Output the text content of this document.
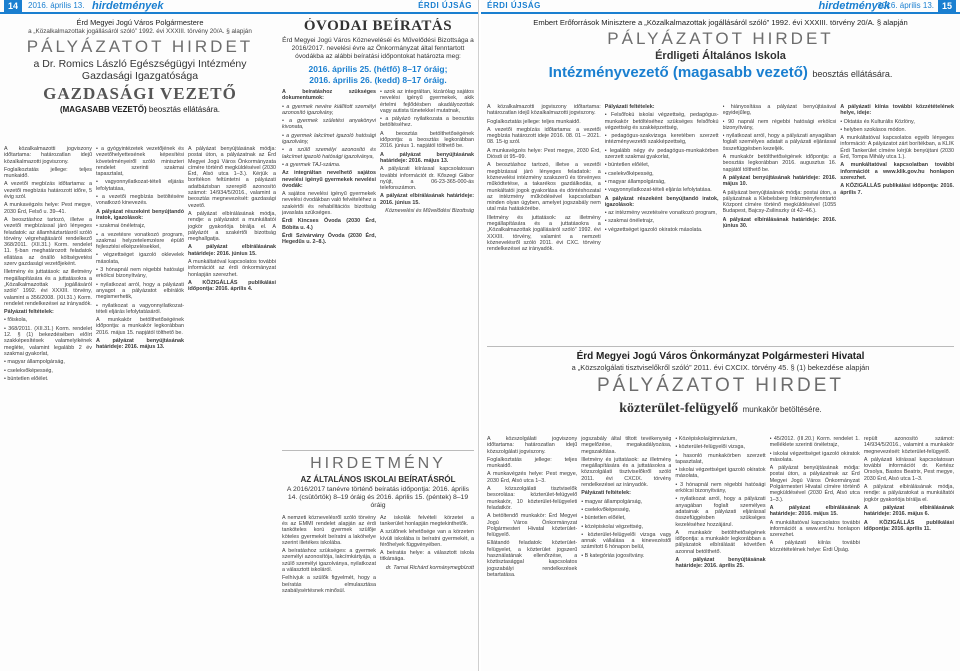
14	2016. április 13. hirdetmények	ÉRDI ÚJSÁG
Érd Megyei Jogú Város Polgármestere
a „Közalkalmazottak jogállásáról szóló” 1992. évi XXXIII. törvény 20/A. § alapján
PÁLYÁZATOT HIRDET
a Dr. Romics László Egészségügyi Intézmény
Gazdasági Igazgatósága
GAZDASÁGI VEZETŐ
(MAGASABB VEZETŐ) beosztás ellátására.

A közalkalmazotti jogviszony időtartama: határozatlan idejű közalkalmazotti jogviszony.

Foglalkoztatás jellege: teljes munkaidő.

A vezetői megbízás időtartama: a vezetői megbízás határozott időre, 5 évig szól.

A munkavégzés helye: Pest megye, 2030 Érd, Felső u. 39–41.

A beosztáshoz tartozó, illetve a vezetői megbízással járó lényeges feladatok: az államháztartásról szóló törvény végrehajtásáról rendelkező 368/2011. (XII.31.) Korm. rendelet 11. §-ban meghatározott feladatok ellátása az önálló költségvetési szerv gazdasági vezetőjeként.

Illetmény és juttatások: az illetmény megállapítására és a juttatásokra a „Közalkalmazottak jogállásáról szóló” 1992. évi XXXIII. törvény, valamint a 356/2008. (XII.31.) Korm. rendelet rendelkezései az irányadók.

Pályázati feltételek:

• főiskola,

• 368/2011. (XII.31.) Korm. rendelet 12. § (1) bekezdésében előírt szakképesítések valamelyikének megléte, valamint legalább 2 év szakmai gyakorlat,

• magyar állampolgárság,

• cselekvőképesség,

• büntetlen előélet.

• a gyógyintézetek vezetőjének és vezetőhelyettesének képesítési követelményeiről szóló miniszteri rendelet szerinti szakmai tapasztalat,

• vagyonnyilatkozat-tételi eljárás lefolytatása,

• a vezetői megbízás betöltésére vonatkozó kinevezés.

A pályázat részeként benyújtandó iratok, igazolások:

• szakmai önéletrajz,

• a vezetésre vonatkozó program, szakmai helyzetelemzésre épülő fejlesztési elképzelésekkel,

• végzettséget igazoló oklevelek másolata,

• 3 hónapnál nem régebbi hatósági erkölcsi bizonyítvány,

• nyilatkozat arról, hogy a pályázati anyagot a pályázatot elbírálók megismerhetik,

• nyilatkozat a vagyonnyilatkozat-tételi eljárás lefolytatásáról.

A munkakör betölthetőségének időpontja: a munkakör legkorábban 2016. május 15. napjától tölthető be.

A pályázat benyújtásának határideje: 2016. május 13.

A pályázat benyújtásának módja: postai úton, a pályázatnak az Érd Megyei Jogú Város Önkormányzata címére történő megküldésével (2030 Érd, Alsó utca 1–3.). Kérjük a borítékon feltüntetni a pályázati adatbázisban szereplő azonosító számot: 14/934/5/2016., valamint a beosztás megnevezését: gazdasági vezető.

A pályázat elbírálásának módja, rendje: a pályázatot a munkáltatói jogkör gyakorlója bírálja el. A pályázót a szakértői bizottság meghallgatja.

A pályázat elbírálásának határideje: 2016. június 15.

A munkáltatóval kapcsolatos további információt az érdi önkormányzat honlapján szerezhet.

A KÖZIGÁLLÁS publikálási időpontja: 2016. április 4.

ÓVODAI BEÍRATÁS
Érd Megyei Jogú Város Közneveléséi és Művelődési Bizottsága a 2016/2017. nevelési évre az Önkormányzat által fenntartott óvodákba az alábbi beíratási időpontokat határozta meg:
2016. április 25. (hétfő) 8–17 óráig;
2016. április 26. (kedd) 8–17 óráig.

A beíratáshoz szükséges dokumentumok:

• a gyermek nevére kiállított személyi azonosító igazolvány,

• a gyermek születési anyakönyvi kivonata,

• a gyermek lakcímet igazoló hatósági igazolvány,

• a szülő személyi azonosító és lakcímet igazoló hatósági igazolványa,

• a gyermek TAJ-száma.

Az integráltan nevelhető sajátos nevelési igényű gyermekek nevelési óvodák:

A sajátos nevelési igényű gyermekek nevelési óvodákban való felvételéhez a szakértői és rehabilitációs bizottság javaslata szükséges.

Érdi Kincses Óvoda (2030 Érd, Bóbita u. 4.)

Érdi Szivárvány Óvoda (2030 Érd, Hegedűs u. 2–8.).

• azok az integráltan, kizárólag sajátos nevelési igényű gyermekek, akik értelmi fejlődésben akadályozottak vagy autista tünetekkel mutatnak,

• a pályázó nyilatkozata a beosztás betöltéséhez.

A beosztás betölthetőségének időpontja: a beosztás legkorábban 2016. június 1. napjától tölthető be.

A pályázat benyújtásának határideje: 2016. május 13.

A pályázati kiírással kapcsolatosan további információt dr. Kőszegi Gábor nyújt, a 06-23-365-000-ás telefonszámon.

A pályázat elbírálásának határideje: 2016. június 15.

Köznevelési és Művelődési Bizottság

HIRDETMÉNY
AZ ÁLTALÁNOS ISKOLAI BEÍRATÁSRÓL
A 2016/2017 tanévre történő beíratás időpontja: 2016. április 14. (csütörtök) 8–19 óráig és 2016. április 15. (péntek) 8–19 óráig

A nemzeti köznevelésről szóló törvény és az EMMI rendelet alapján az érdi tanköteles korú gyermek szülője köteles gyermekét beíratni a lakóhelye szerint illetékes iskolába.

A beíratáshoz szükséges: a gyermek személyi azonosítója, lakcímkártyája, a szülő személyi igazolványa, nyilatkozat a választott iskoláról.

Felhívjuk a szülők figyelmét, hogy a beíratás elmulasztása szabálysértésnek minősül.

Az iskolák felvételi körzetei a tankerület honlapján megtekinthetők.

A szülőnek lehetősége van a körzeten kívüli iskolába is beíratni gyermekét, a férőhelyek függvényében.

A beíratás helye: a választott iskola titkársága.

dr. Tarnai Richárd kormánymegbízott

ÉRDI ÚJSÁG	hirdetmények
2016. április 13. 15
Embert Erőforrások Minisztere a „Közalkalmazottak jogállásáról szóló” 1992. évi XXXIII. törvény 20/A. § alapján
PÁLYÁZATOT HIRDET
Érdligeti Általános Iskola
Intézményvezető (magasabb vezető) beosztás ellátására.

A közalkalmazotti jogviszony időtartama: határozatlan idejű közalkalmazotti jogviszony.

Foglalkoztatás jellege: teljes munkaidő.

A vezetői megbízás időtartama: a vezetői megbízás határozott ideje 2016. 08. 01 – 2021. 08. 15-ig szól.

A munkavégzés helye: Pest megye, 2030 Érd, Diósdi út 95–99.

A beosztáshoz tartozó, illetve a vezetői megbízással járó lényeges feladatok: a köznevelési intézmény szakszerű és törvényes működtetése, a takarékos gazdálkodás, a munkáltatói jogok gyakorlása és döntéshozatal az intézmény működésével kapcsolatban minden olyan ügyben, amelyet jogszabály nem utal más hatáskörébe.

Illetmény és juttatások: az illetmény megállapítására és a juttatásokra a „Közalkalmazottak jogállásáról szóló” 1992. évi XXXIII. törvény, valamint a nemzeti köznevelésről szóló 2011. évi CXC. törvény rendelkezései az irányadók.

Pályázati feltételek:

• Felsőfokú iskolai végzettség, pedagógus-munkakör betöltéséhez szükséges felsőfokú végzettség és szakképzettség,

• pedagógus-szakvizsga keretében szerzett intézményvezetői szakképzettség,

• legalább négy év pedagógus-munkakörben szerzett szakmai gyakorlat,

• büntetlen előélet,

• cselekvőképesség,

• magyar állampolgárság,

• vagyonnyilatkozat-tételi eljárás lefolytatása.

A pályázat részeként benyújtandó iratok, igazolások:

• az intézmény vezetésére vonatkozó program,

• szakmai önéletrajz,

• végzettséget igazoló okiratok másolata.

• hiányosítása a pályázat benyújtásával egyidejűleg,

• 90 napnál nem régebbi hatósági erkölcsi bizonyítvány,

• nyilatkozat arról, hogy a pályázati anyagában foglalt személyes adatait a pályázati eljárással összefüggésben kezeljék.

A munkakör betölthetőségének időpontja: a beosztás legkorábban 2016. augusztus 16. napjától tölthető be.

A pályázat benyújtásának határideje: 2016. május 10.

A pályázat benyújtásának módja: postai úton, a pályázatnak a Klebelsberg Intézményfenntartó Központ címére történő megküldésével (1055 Budapest, Bajcsy-Zsilinszky út 42–46.).

A pályázat elbírálásának határideje: 2016. június 30.

A pályázati kiírás további közzétételének helye, ideje:

• Oktatás és Kulturális Közlöny,

• helyben szokásos módon.

A munkáltatóval kapcsolatos egyéb lényeges információ: A pályázatot zárt borítékban, a KLIK Érdi Tankerület címére kérjük benyújtani (2030 Érd, Tompa Mihály utca 1.).

A munkáltatóval kapcsolatban további információt a www.klik.gov.hu honlapon szerezhet.

A KÖZIGÁLLÁS publikálási időpontja: 2016. április 7.

Érd Megyei Jogú Város Önkormányzat Polgármesteri Hivatal
a „Közszolgálati tisztviselőkről szóló” 2011. évi CXCIX. törvény 45. § (1) bekezdése alapján
PÁLYÁZATOT HIRDET
közterület-felügyelő munkakör betöltésére.

A közszolgálati jogviszony időtartama: határozatlan idejű közszolgálati jogviszony.

Foglalkoztatás jellege: teljes munkaidő.

A munkavégzés helye: Pest megye, 2030 Érd, Alsó utca 1–3.

A közszolgálati tisztviselők besorolása: közterület-felügyelő munkakör, 10 közterület-felügyeleti feladatkör.

A betöltendő munkakör: Érd Megyei Jogú Város Önkormányzat Polgármesteri Hivatal közterület-felügyelő.

Ellátandó feladatok: közterület-felügyelet, a közterület jogszerű használatának ellenőrzése, a köztisztasággal kapcsolatos jogszabályi rendelkezések betartatása.

jogszabály által tiltott tevékenység megelőzése, megakadályozása, megszakítása.

Illetmény és juttatások: az illetmény megállapítására és a juttatásokra a közszolgálati tisztviselőkről szóló 2011. évi CXCIX. törvény rendelkezései az irányadók.

Pályázati feltételek:

• magyar állampolgárság,

• cselekvőképesség,

• büntetlen előélet,

• középiskolai végzettség,

• közterület-felügyelői vizsga vagy annak vállalása a kinevezéstől számított 6 hónapon belül,

• B kategóriás jogosítvány.

• Középiskola/gimnázium,

• közterület-felügyelői vizsga,

• hasonló munkakörben szerzett tapasztalat,

• iskolai végzettséget igazoló okiratok másolata,

• 3 hónapnál nem régebbi hatósági erkölcsi bizonyítvány,

• nyilatkozat arról, hogy a pályázati anyagában foglalt személyes adatainak a pályázati eljárással összefüggésben szükséges kezeléséhez hozzájárul.

A munkakör betölthetőségének időpontja: a munkakör legkorábban a pályázatok elbírálását követően azonnal betölthető.

A pályázat benyújtásának határideje: 2016. április 25.

• 45/2012. (III.20.) Korm. rendelet 1. melléklete szerinti önéletrajz,

• iskolai végzettséget igazoló okiratok másolata.

A pályázat benyújtásának módja: postai úton, a pályázatnak az Érd Megyei Jogú Város Önkormányzat Polgármesteri Hivatal címére történő megküldésével (2030 Érd, Alsó utca 1–3.).

A pályázat elbírálásának határideje: 2016. május 15.

A munkáltatóval kapcsolatos további információt a www.erd.hu honlapon szerezhet.

A pályázati kiírás további közzétételének helye: Érdi Újság.

repült azonosító számot: 14/934/5/2016., valamint a munkakör megnevezését: közterület-felügyelő.

A pályázati kiírással kapcsolatosan további információt dr. Kertész Orsolya, Bastos Beatrix, Pest megye, 2030 Érd, Alsó utca 1–3.

A pályázat elbírálásának módja, rendje: a pályázatokat a munkáltatói jogkör gyakorlója bírálja el.

A pályázat elbírálásának határideje: 2016. május 6.

A KÖZIGÁLLÁS publikálási időpontja: 2016. április 11.
